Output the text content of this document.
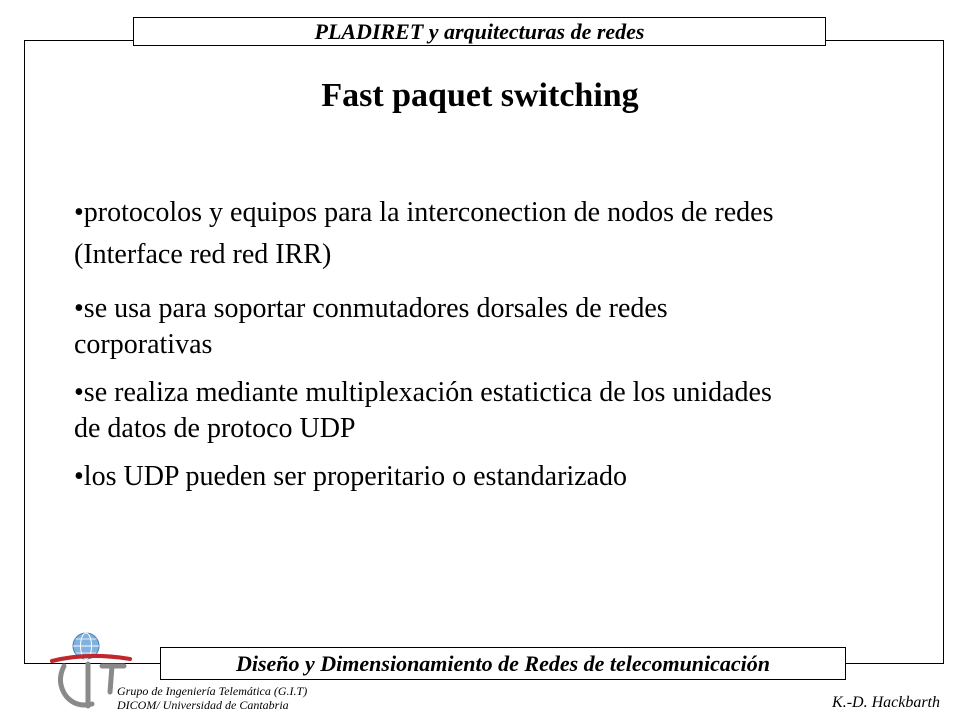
PLADIRET y arquitecturas de redes
Fast paquet switching
•protocolos y equipos para la interconection de nodos de redes
(Interface red red IRR)
•se usa para soportar conmutadores dorsales de redes
corporativas
•se realiza mediante multiplexación estatictica de los unidades
de datos de protoco UDP
•los UDP pueden ser properitario o estandarizado
Diseño y Dimensionamiento de Redes de telecomunicación
Grupo de Ingeniería Telemática (G.I.T)
DICOM/ Universidad de Cantabria	K.-D. Hackbarth
